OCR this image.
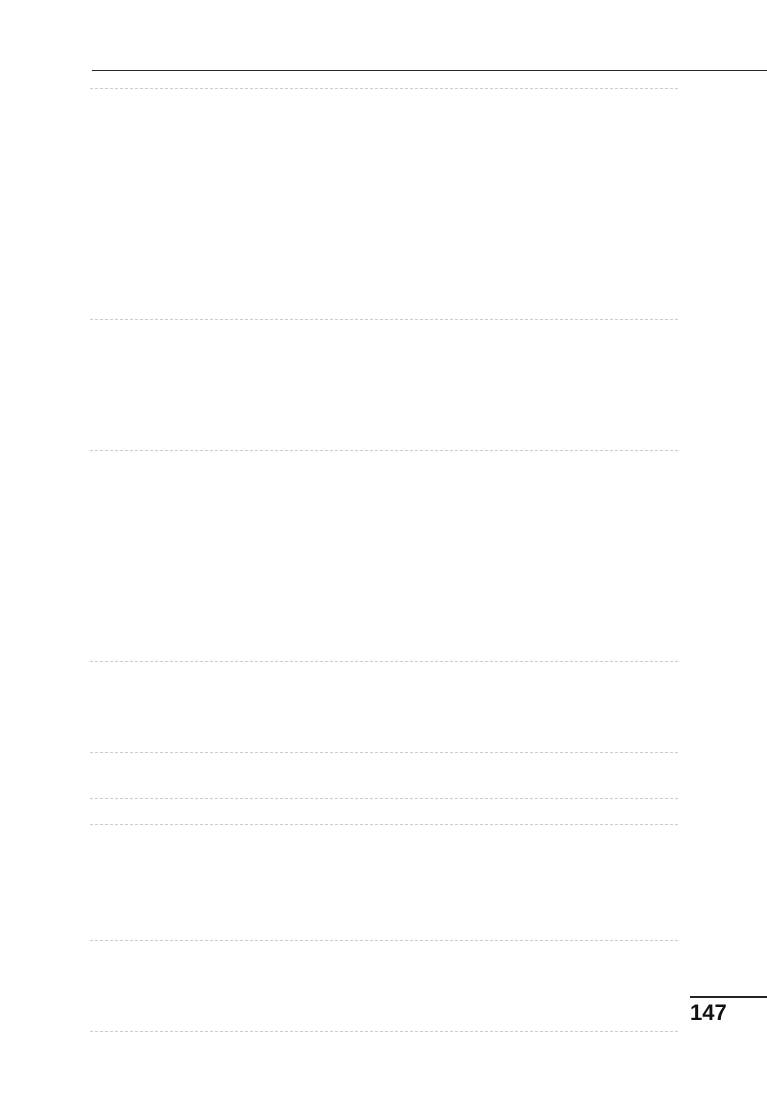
147
